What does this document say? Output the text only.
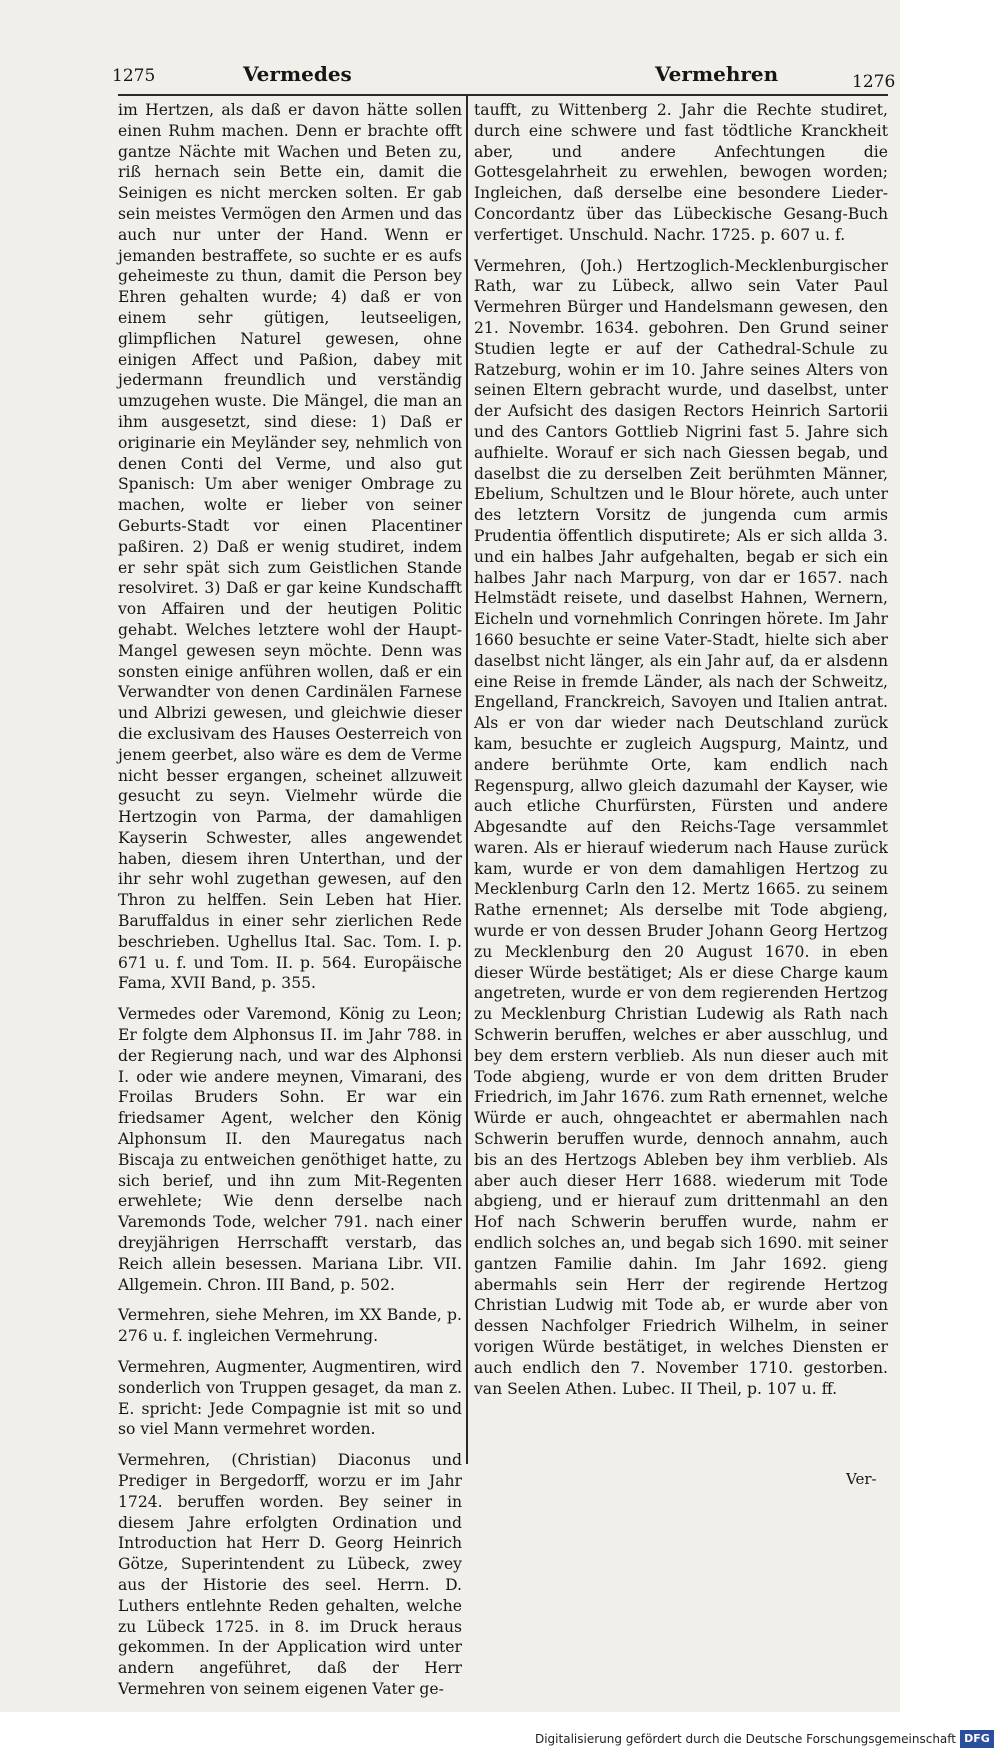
1275	Vermedes	Vermehren	1276

im Hertzen, als daß er davon hätte sollen einen Ruhm machen. Denn er brachte offt gantze Nächte mit Wachen und Beten zu, riß hernach sein Bette ein, damit die Seinigen es nicht mercken solten. Er gab sein meistes Vermögen den Armen und das auch nur unter der Hand. Wenn er jemanden bestraffete, so suchte er es aufs geheimeste zu thun, damit die Person bey Ehren gehalten wurde; 4) daß er von einem sehr gütigen, leutseeligen, glimpflichen Naturel gewesen, ohne einigen Affect und Paßion, dabey mit jedermann freundlich und verständig umzugehen wuste. Die Mängel, die man an ihm ausgesetzt, sind diese: 1) Daß er originarie ein Meyländer sey, nehmlich von denen Conti del Verme, und also gut Spanisch: Um aber weniger Ombrage zu machen, wolte er lieber von seiner Geburts-Stadt vor einen Placentiner paßiren. 2) Daß er wenig studiret, indem er sehr spät sich zum Geistlichen Stande resolviret. 3) Daß er gar keine Kundschafft von Affairen und der heutigen Politic gehabt. Welches letztere wohl der Haupt-Mangel gewesen seyn möchte. Denn was sonsten einige anführen wollen, daß er ein Verwandter von denen Cardinälen Farnese und Albrizi gewesen, und gleichwie dieser die exclusivam des Hauses Oesterreich von jenem geerbet, also wäre es dem de Verme nicht besser ergangen, scheinet allzuweit gesucht zu seyn. Vielmehr würde die Hertzogin von Parma, der damahligen Kayserin Schwester, alles angewendet haben, diesem ihren Unterthan, und der ihr sehr wohl zugethan gewesen, auf den Thron zu helffen. Sein Leben hat Hier. Baruffaldus in einer sehr zierlichen Rede beschrieben. Ughellus Ital. Sac. Tom. I. p. 671 u. f. und Tom. II. p. 564. Europäische Fama, XVII Band, p. 355.

Vermedes oder Varemond, König zu Leon; Er folgte dem Alphonsus II. im Jahr 788. in der Regierung nach, und war des Alphonsi I. oder wie andere meynen, Vimarani, des Froilas Bruders Sohn. Er war ein friedsamer Agent, welcher den König Alphonsum II. den Mauregatus nach Biscaja zu entweichen genöthiget hatte, zu sich berief, und ihn zum Mit-Regenten erwehlete; Wie denn derselbe nach Varemonds Tode, welcher 791. nach einer dreyjährigen Herrschafft verstarb, das Reich allein besessen. Mariana Libr. VII. Allgemein. Chron. III Band, p. 502.

Vermehren, siehe Mehren, im XX Bande, p. 276 u. f. ingleichen Vermehrung.

Vermehren, Augmenter, Augmentiren, wird sonderlich von Truppen gesaget, da man z. E. spricht: Jede Compagnie ist mit so und so viel Mann vermehret worden.

Vermehren, (Christian) Diaconus und Prediger in Bergedorff, worzu er im Jahr 1724. beruffen worden. Bey seiner in diesem Jahre erfolgten Ordination und Introduction hat Herr D. Georg Heinrich Götze, Superintendent zu Lübeck, zwey aus der Historie des seel. Herrn. D. Luthers entlehnte Reden gehalten, welche zu Lübeck 1725. in 8. im Druck heraus gekommen. In der Application wird unter andern angeführet, daß der Herr Vermehren von seinem eigenen Vater ge-

taufft, zu Wittenberg 2. Jahr die Rechte studiret, durch eine schwere und fast tödtliche Kranckheit aber, und andere Anfechtungen die Gottesgelahrheit zu erwehlen, bewogen worden; Ingleichen, daß derselbe eine besondere Lieder-Concordantz über das Lübeckische Gesang-Buch verfertiget. Unschuld. Nachr. 1725. p. 607 u. f.

Vermehren, (Joh.) Hertzoglich-Mecklenburgischer Rath, war zu Lübeck, allwo sein Vater Paul Vermehren Bürger und Handelsmann gewesen, den 21. Novembr. 1634. gebohren. Den Grund seiner Studien legte er auf der Cathedral-Schule zu Ratzeburg, wohin er im 10. Jahre seines Alters von seinen Eltern gebracht wurde, und daselbst, unter der Aufsicht des dasigen Rectors Heinrich Sartorii und des Cantors Gottlieb Nigrini fast 5. Jahre sich aufhielte. Worauf er sich nach Giessen begab, und daselbst die zu derselben Zeit berühmten Männer, Ebelium, Schultzen und le Blour hörete, auch unter des letztern Vorsitz de jungenda cum armis Prudentia öffentlich disputirete; Als er sich allda 3. und ein halbes Jahr aufgehalten, begab er sich ein halbes Jahr nach Marpurg, von dar er 1657. nach Helmstädt reisete, und daselbst Hahnen, Wernern, Eicheln und vornehmlich Conringen hörete. Im Jahr 1660 besuchte er seine Vater-Stadt, hielte sich aber daselbst nicht länger, als ein Jahr auf, da er alsdenn eine Reise in fremde Länder, als nach der Schweitz, Engelland, Franckreich, Savoyen und Italien antrat. Als er von dar wieder nach Deutschland zurück kam, besuchte er zugleich Augspurg, Maintz, und andere berühmte Orte, kam endlich nach Regenspurg, allwo gleich dazumahl der Kayser, wie auch etliche Churfürsten, Fürsten und andere Abgesandte auf den Reichs-Tage versammlet waren. Als er hierauf wiederum nach Hause zurück kam, wurde er von dem damahligen Hertzog zu Mecklenburg Carln den 12. Mertz 1665. zu seinem Rathe ernennet; Als derselbe mit Tode abgieng, wurde er von dessen Bruder Johann Georg Hertzog zu Mecklenburg den 20 August 1670. in eben dieser Würde bestätiget; Als er diese Charge kaum angetreten, wurde er von dem regierenden Hertzog zu Mecklenburg Christian Ludewig als Rath nach Schwerin beruffen, welches er aber ausschlug, und bey dem erstern verblieb. Als nun dieser auch mit Tode abgieng, wurde er von dem dritten Bruder Friedrich, im Jahr 1676. zum Rath ernennet, welche Würde er auch, ohngeachtet er abermahlen nach Schwerin beruffen wurde, dennoch annahm, auch bis an des Hertzogs Ableben bey ihm verblieb. Als aber auch dieser Herr 1688. wiederum mit Tode abgieng, und er hierauf zum drittenmahl an den Hof nach Schwerin beruffen wurde, nahm er endlich solches an, und begab sich 1690. mit seiner gantzen Familie dahin. Im Jahr 1692. gieng abermahls sein Herr der regirende Hertzog Christian Ludwig mit Tode ab, er wurde aber von dessen Nachfolger Friedrich Wilhelm, in seiner vorigen Würde bestätiget, in welches Diensten er auch endlich den 7. November 1710. gestorben. van Seelen Athen. Lubec. II Theil, p. 107 u. ff.

Ver-
Digitalisierung gefördert durch die Deutsche Forschungsgemeinschaft DFG
